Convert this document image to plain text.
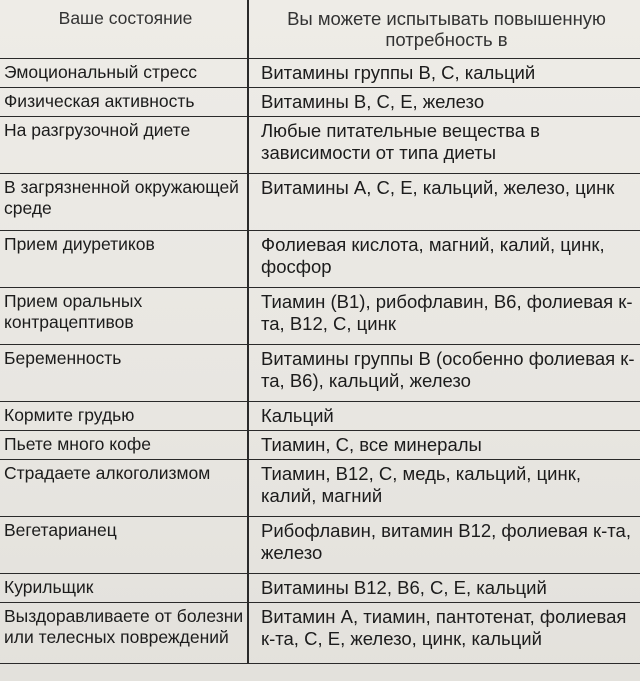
Ваше состояние	Вы можете испытывать повышенную потребность в

Эмоциональный стресс	Витамины группы В, С, кальций

Физическая активность	Витамины В, С, Е, железо

На разгрузочной диете	Любые питательные вещества в зависимости от типа диеты

В загрязненной окружающей среде	Витамины А, С, Е, кальций, железо, цинк

Прием диуретиков	Фолиевая кислота, магний, калий, цинк, фосфор

Прием оральных контрацептивов	Тиамин (B1), рибофлавин, B6, фолиевая к-та, B12, С, цинк

Беременность	Витамины группы В (особенно фолиевая к-та, B6), кальций, железо

Кормите грудью	Кальций

Пьете много кофе	Тиамин, С, все минералы

Страдаете алкоголизмом	Тиамин, B12, С, медь, кальций, цинк, калий, магний

Вегетарианец	Рибофлавин, витамин B12, фолиевая к-та, железо

Курильщик	Витамины B12, B6, С, Е, кальций

Выздоравливаете от болезни или телесных повреждений	Витамин А, тиамин, пантотенат, фолиевая к-та, С, Е, железо, цинк, кальций
